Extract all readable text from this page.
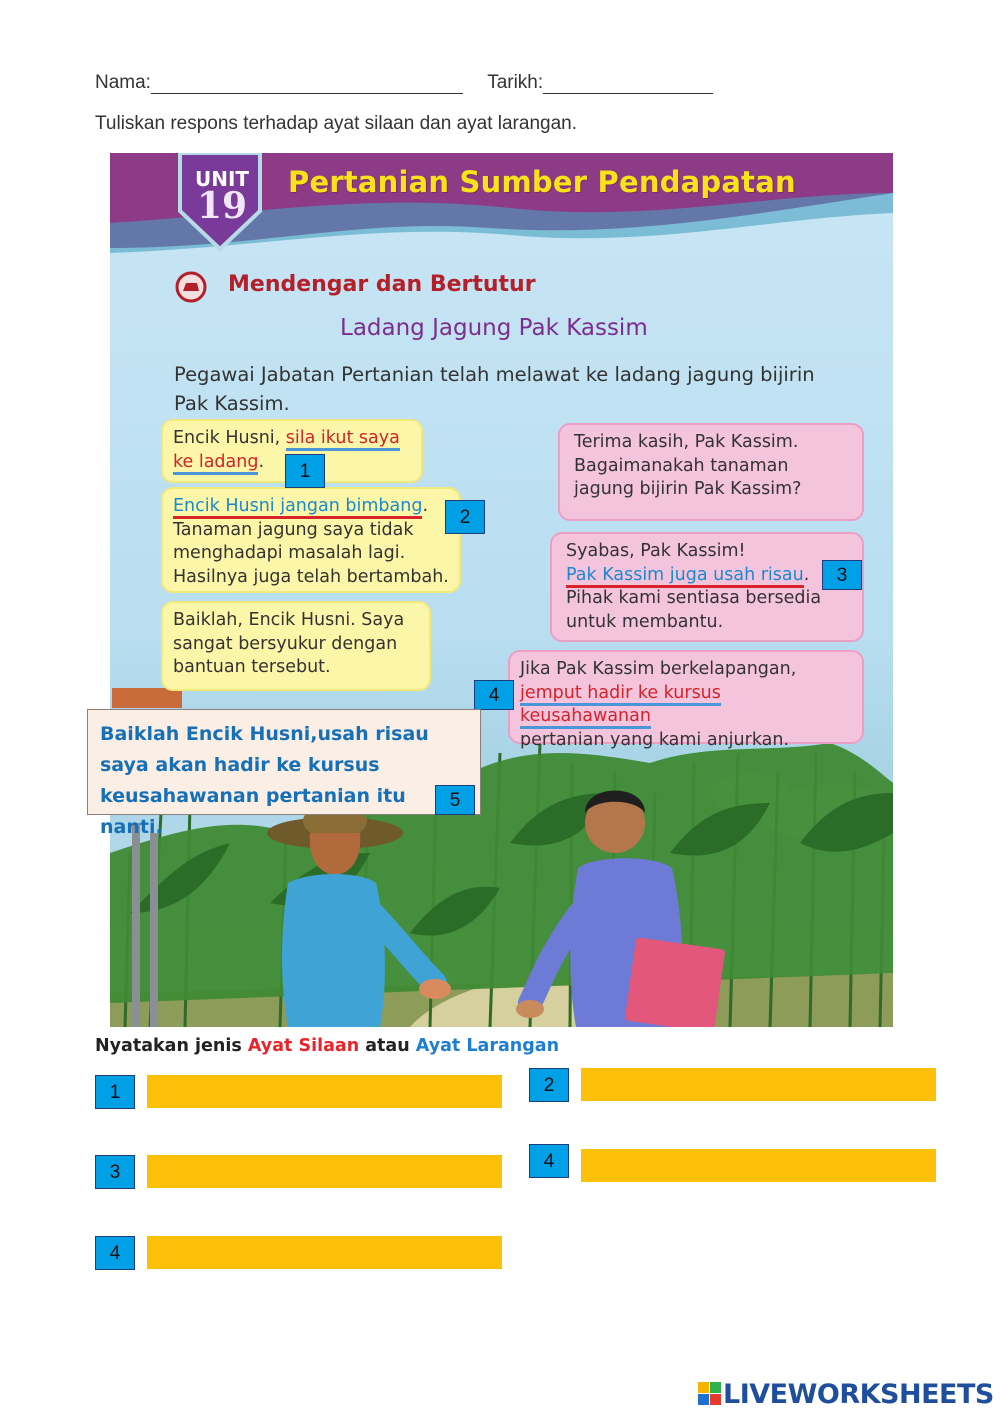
Nama:	Tarikh:
Tuliskan respons terhadap ayat silaan dan ayat larangan.
UNIT
19
Pertanian Sumber Pendapatan
Mendengar dan Bertutur
Ladang Jagung Pak Kassim
Pegawai Jabatan Pertanian telah melawat ke ladang jagung bijirin Pak Kassim.
Encik Husni, sila ikut saya
ke ladang.
Encik Husni jangan bimbang.
Tanaman jagung saya tidak menghadapi masalah lagi. Hasilnya juga telah bertambah.
Baiklah, Encik Husni. Saya sangat bersyukur dengan bantuan tersebut.
Terima kasih, Pak Kassim. Bagaimanakah tanaman jagung bijirin Pak Kassim?
Syabas, Pak Kassim!
Pak Kassim juga usah risau.
Pihak kami sentiasa bersedia untuk membantu.
Jika Pak Kassim berkelapangan,
jemput hadir ke kursus keusahawanan
pertanian yang kami anjurkan.
1
2
3
4
Baiklah Encik Husni,usah risau saya akan hadir ke kursus keusahawanan pertanian itu nanti.
5
Nyatakan jenis Ayat Silaan atau Ayat Larangan
1	2
3
4
4
LIVEWORKSHEETS
